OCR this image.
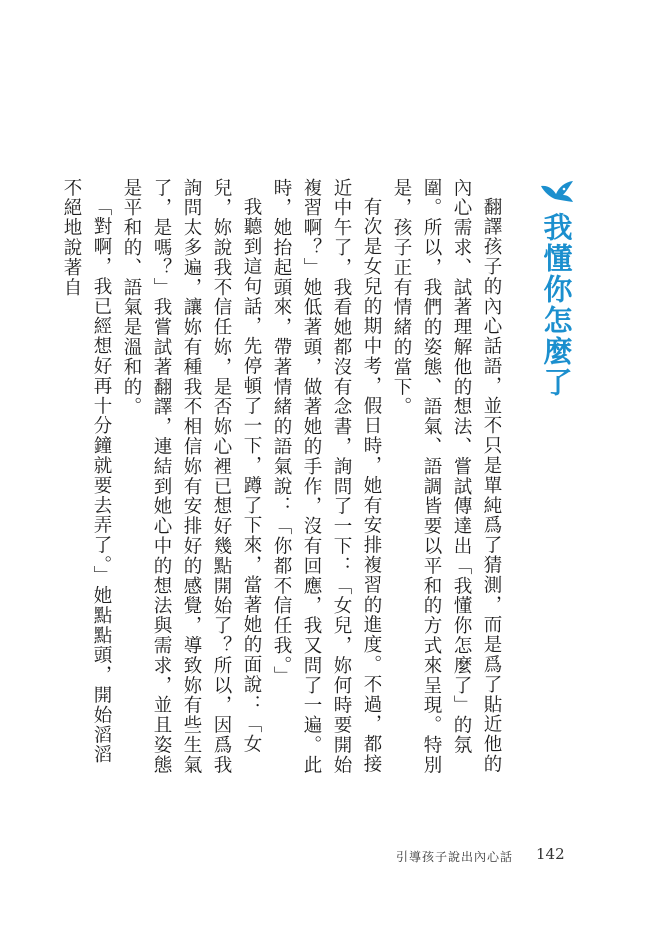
我懂你怎麼了

翻譯孩子的內心話語，並不只是單純爲了猜測，而是爲了貼近他的內心需求、試著理解他的想法、嘗試傳達出「我懂你怎麼了」的氛圍。所以，我們的姿態、語氣、語調皆要以平和的方式來呈現。特別是，孩子正有情緒的當下。

有次是女兒的期中考，假日時，她有安排複習的進度。不過，都接近中午了，我看她都沒有念書，詢問了一下：「女兒，妳何時要開始複習啊？」她低著頭，做著她的手作，沒有回應，我又問了一遍。此時，她抬起頭來，帶著情緒的語氣說：「你都不信任我。」

我聽到這句話，先停頓了一下，蹲了下來，當著她的面說：「女兒，妳說我不信任妳，是否妳心裡已想好幾點開始了？所以，因爲我詢問太多遍，讓妳有種我不相信妳有安排好的感覺，導致妳有些生氣了，是嗎？」我嘗試著翻譯，連結到她心中的想法與需求，並且姿態是平和的、語氣是溫和的。

「對啊，我已經想好再十分鐘就要去弄了。」她點點頭，開始滔滔不絕地說著自

引導孩子說出內心話 142
